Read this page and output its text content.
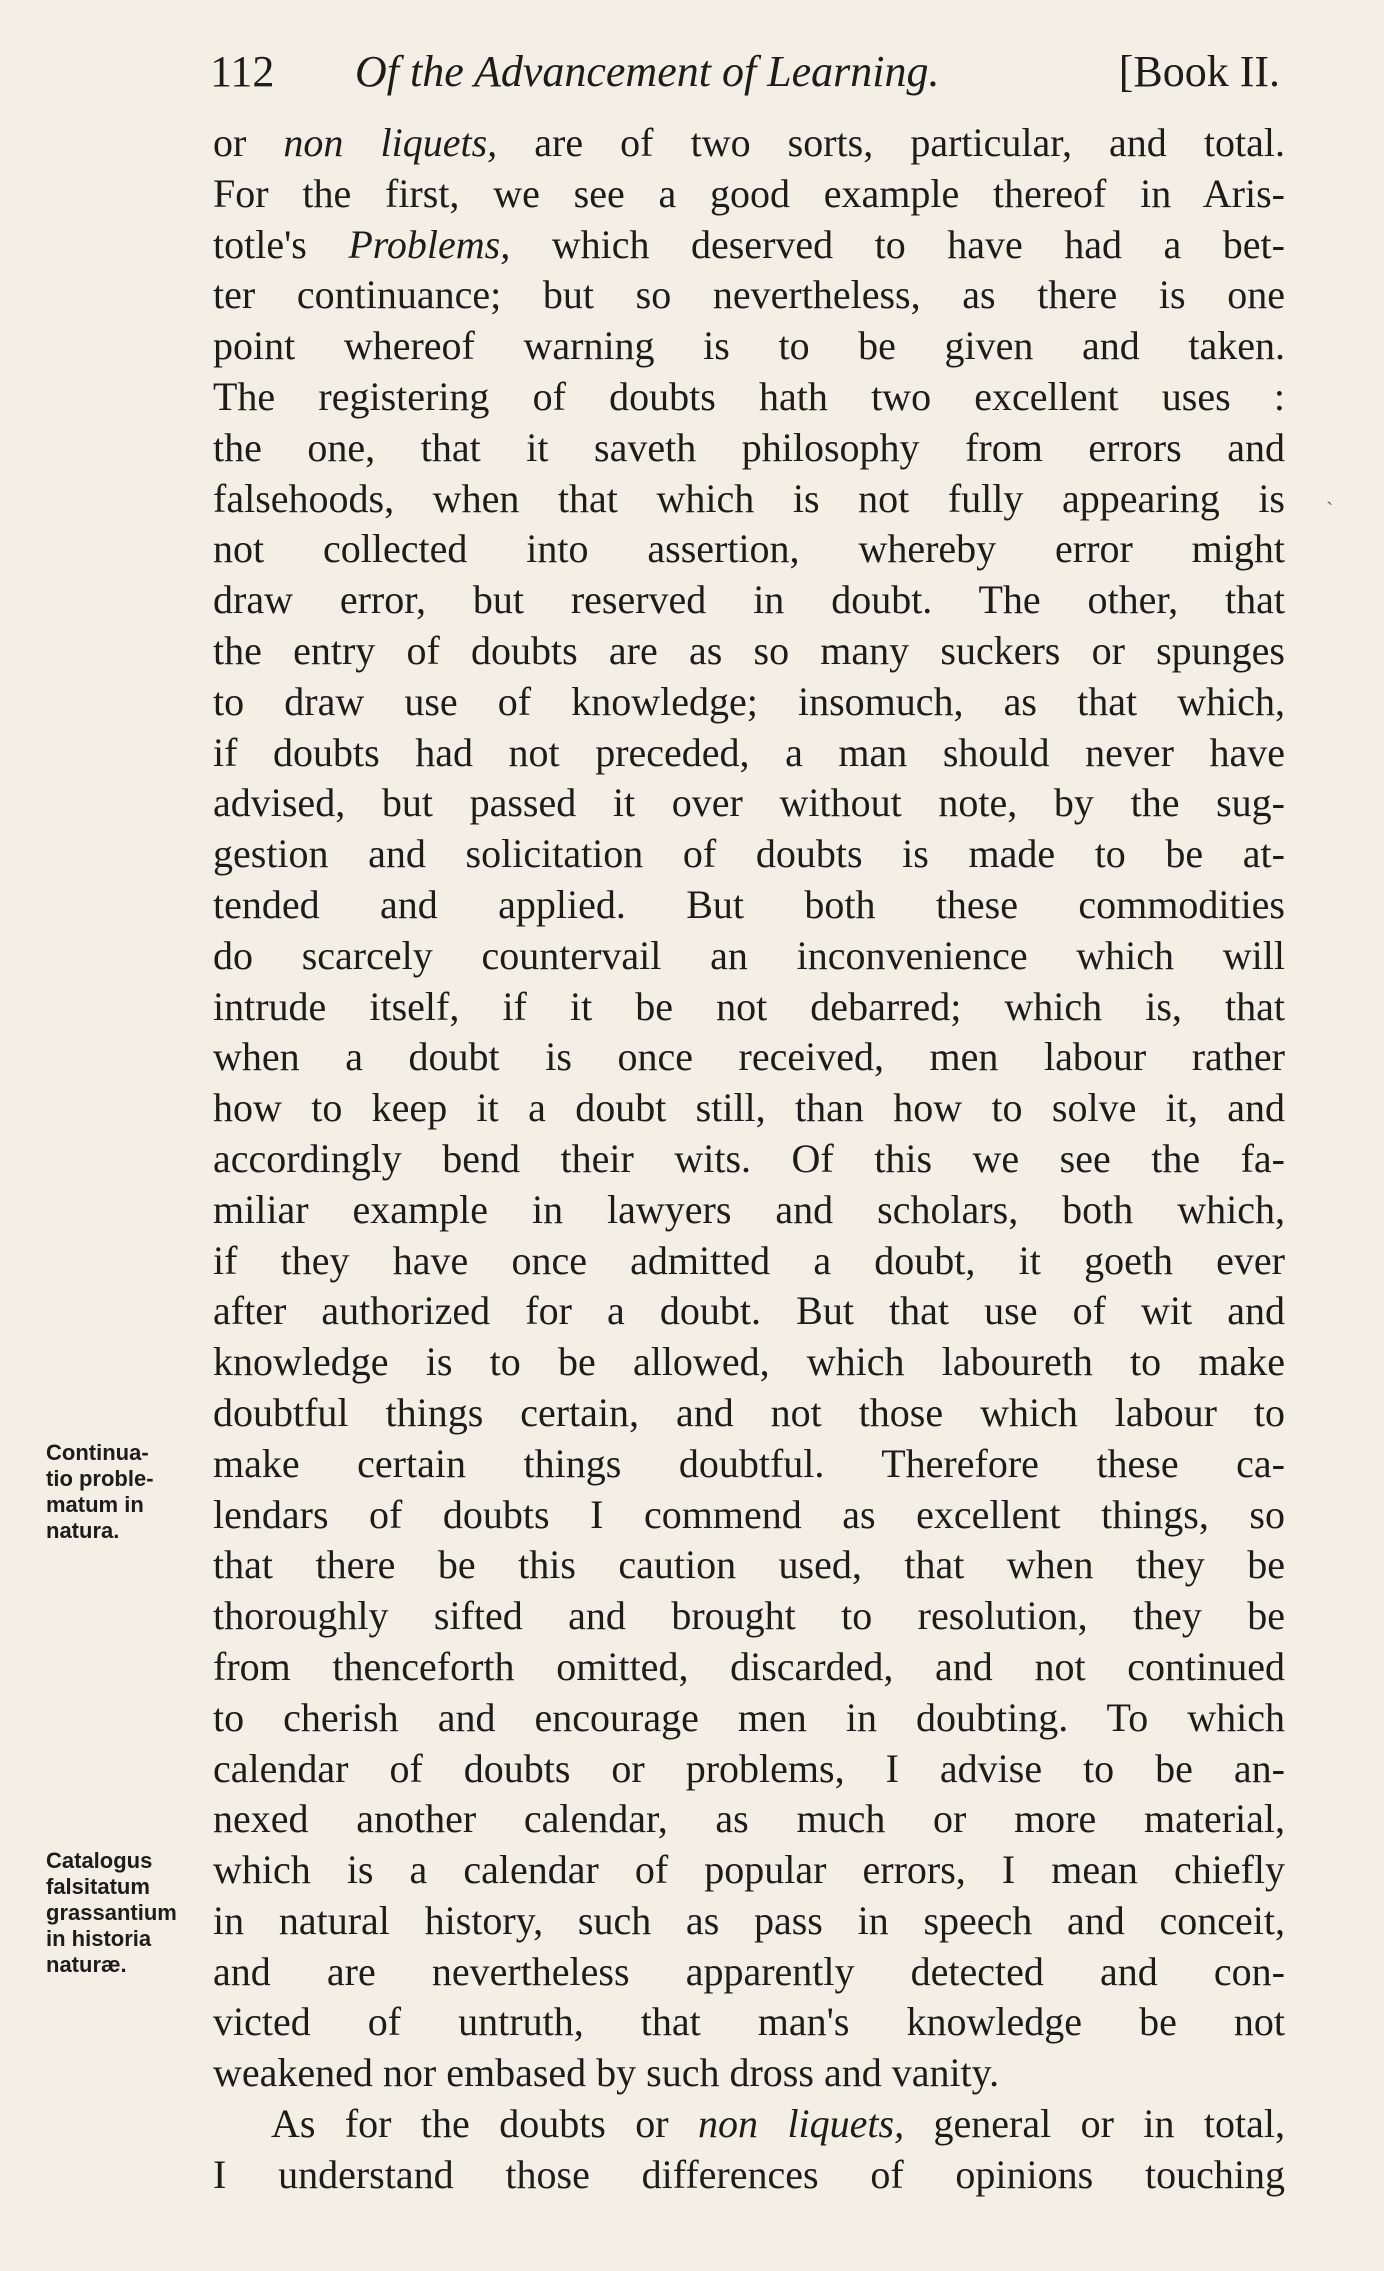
112 Of the Advancement of Learning.	[Book II.
or non liquets, are of two sorts, particular, and total.
For the first, we see a good example thereof in Aris-
totle's Problems, which deserved to have had a bet-
ter continuance; but so nevertheless, as there is one
point whereof warning is to be given and taken.
The registering of doubts hath two excellent uses :
the one, that it saveth philosophy from errors and
falsehoods, when that which is not fully appearing is
not collected into assertion, whereby error might
draw error, but reserved in doubt. The other, that
the entry of doubts are as so many suckers or spunges
to draw use of knowledge; insomuch, as that which,
if doubts had not preceded, a man should never have
advised, but passed it over without note, by the sug-
gestion and solicitation of doubts is made to be at-
tended and applied. But both these commodities
do scarcely countervail an inconvenience which will
intrude itself, if it be not debarred; which is, that
when a doubt is once received, men labour rather
how to keep it a doubt still, than how to solve it, and
accordingly bend their wits. Of this we see the fa-
miliar example in lawyers and scholars, both which,
if they have once admitted a doubt, it goeth ever
after authorized for a doubt. But that use of wit and
knowledge is to be allowed, which laboureth to make
doubtful things certain, and not those which labour to
make certain things doubtful. Therefore these ca-
lendars of doubts I commend as excellent things, so
that there be this caution used, that when they be
thoroughly sifted and brought to resolution, they be
from thenceforth omitted, discarded, and not continued
to cherish and encourage men in doubting. To which
calendar of doubts or problems, I advise to be an-
nexed another calendar, as much or more material,
which is a calendar of popular errors, I mean chiefly
in natural history, such as pass in speech and conceit,
and are nevertheless apparently detected and con-
victed of untruth, that man's knowledge be not
weakened nor embased by such dross and vanity.
As for the doubts or non liquets, general or in total,
I understand those differences of opinions touching
Continua-
tio proble-
matum in
natura.
Catalogus
falsitatum
grassantium
in historia
naturæ.
ˎ
